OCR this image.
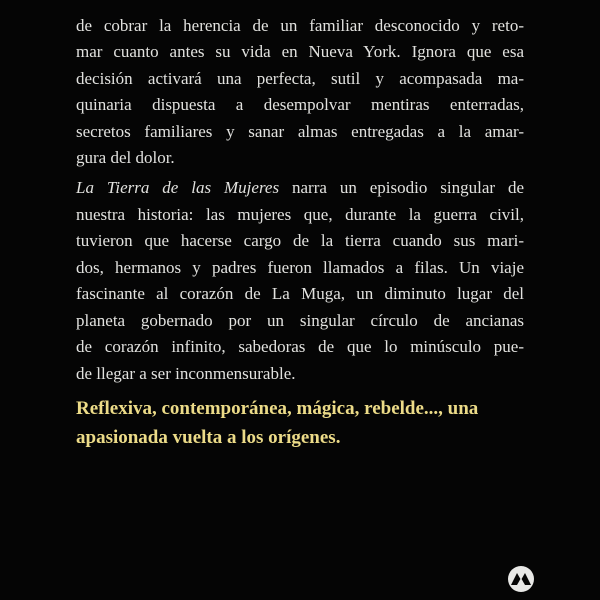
de cobrar la herencia de un familiar desconocido y reto-
mar cuanto antes su vida en Nueva York. Ignora que esa
decisión activará una perfecta, sutil y acompasada ma-
quinaria dispuesta a desempolvar mentiras enterradas,
secretos familiares y sanar almas entregadas a la amar-
gura del dolor.
La Tierra de las Mujeres narra un episodio singular de
nuestra historia: las mujeres que, durante la guerra civil,
tuvieron que hacerse cargo de la tierra cuando sus mari-
dos, hermanos y padres fueron llamados a filas. Un viaje
fascinante al corazón de La Muga, un diminuto lugar del
planeta gobernado por un singular círculo de ancianas
de corazón infinito, sabedoras de que lo minúsculo pue-
de llegar a ser inconmensurable.
Reflexiva, contemporánea, mágica, rebelde..., una
apasionada vuelta a los orígenes.
